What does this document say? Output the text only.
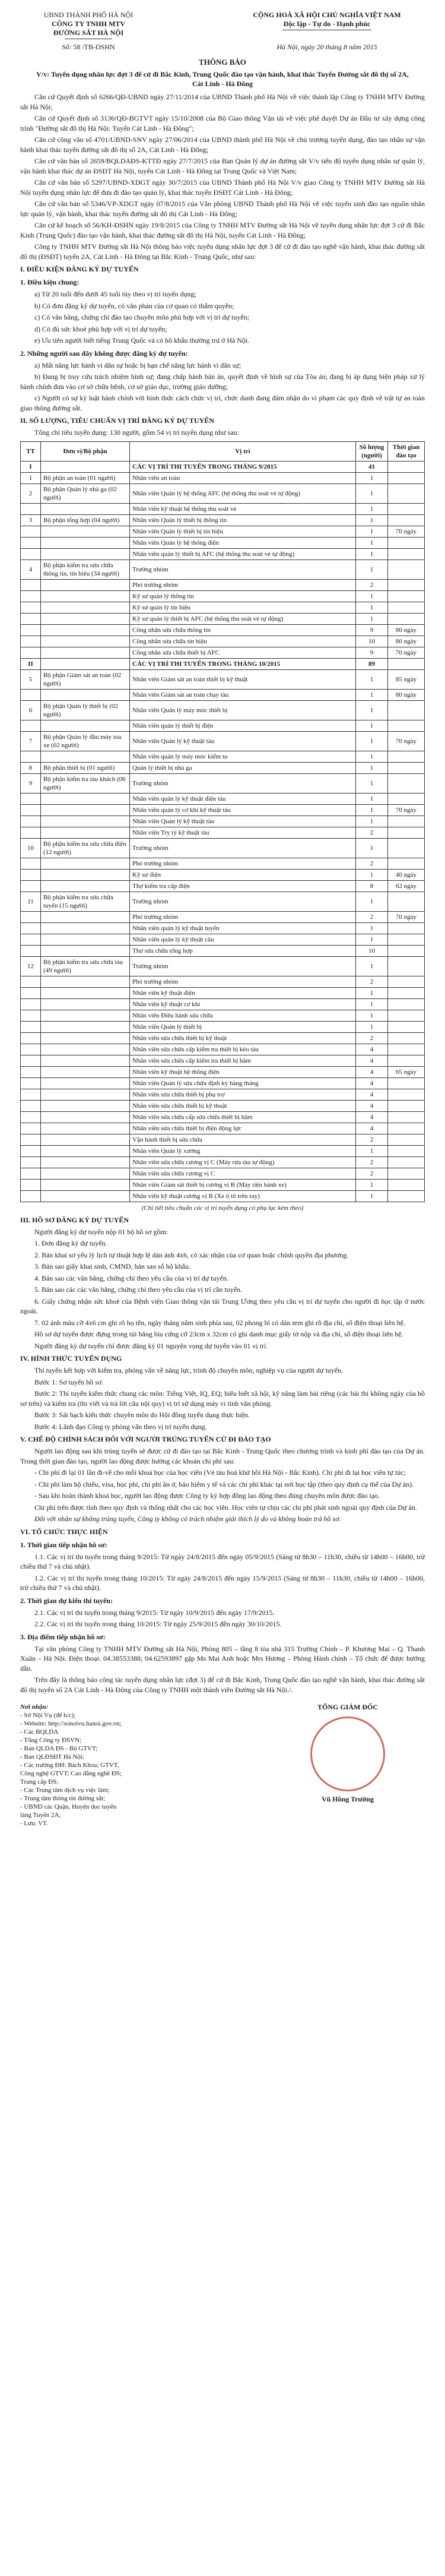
UBND THÀNH PHỐ HÀ NỘI
CÔNG TY TNHH MTV
ĐƯỜNG SẮT HÀ NỘI
CỘNG HOÀ XÃ HỘI CHỦ NGHĨA VIỆT NAM
Độc lập - Tự do - Hạnh phúc
Số: 58 /TB-DSHN	Hà Nội, ngày 20 tháng 8 năm 2015
THÔNG BÁO
V/v: Tuyển dụng nhân lực đợt 3 để cử đi Bắc Kinh, Trung Quốc đào tạo vận hành, khai thác Tuyến Đường sắt đô thị số 2A, Cát Linh - Hà Đông

Căn cứ Quyết định số 6266/QĐ-UBND ngày 27/11/2014 của UBND Thành phố Hà Nội về việc thành lập Công ty TNHH MTV Đường sắt Hà Nội;

Căn cứ Quyết định số 3136/QĐ-BGTVT ngày 15/10/2008 của Bộ Giao thông Vận tải về việc phê duyệt Dự án Đầu tư xây dựng công trình "Đường sắt đô thị Hà Nội: Tuyến Cát Linh - Hà Đông";

Căn cứ công văn số 4701/UBND-SNV ngày 27/06/2014 của UBND thành phố Hà Nội về chủ trương tuyển dụng, đào tạo nhân sự vận hành khai thác tuyến đường sắt đô thị số 2A, Cát Linh - Hà Đông;

Căn cứ văn bản số 2659/BQLDAĐS-KTTĐ ngày 27/7/2015 của Ban Quản lý dự án đường sắt V/v tiến độ tuyển dụng nhân sự quản lý, vận hành khai thác dự án ĐSĐT Hà Nội, tuyến Cát Linh - Hà Đông tại Trung Quốc và Việt Nam;

Căn cứ văn bản số 5297/UBND-XDGT ngày 30/7/2015 của UBND Thành phố Hà Nội V/v giao Công ty TNHH MTV Đường sắt Hà Nội tuyển dụng nhân lực để đưa đi đào tạo quản lý, khai thác tuyến ĐSĐT Cát Linh - Hà Đông;

Căn cứ văn bản số 5346/VP-XDGT ngày 07/8/2015 của Văn phòng UBND Thành phố Hà Nội về việc tuyển sinh đào tạo nguồn nhân lực quản lý, vận hành, khai thác tuyến đường sắt đô thị Cát Linh - Hà Đông;

Căn cứ kế hoạch số 56/KH-ĐSHN ngày 19/8/2015 của Công ty TNHH MTV Đường sắt Hà Nội về tuyển dụng nhân lực đợt 3 cử đi Bắc Kinh (Trung Quốc) đào tạo vận hành, khai thác đường sắt đô thị Hà Nội, tuyến Cát Linh - Hà Đông;

Công ty TNHH MTV Đường sắt Hà Nội thông báo việc tuyển dụng nhân lực đợt 3 để cử đi đào tạo nghề vận hành, khai thác đường sắt đô thị (ĐSĐT) tuyến 2A, Cát Linh - Hà Đông tại Bắc Kinh - Trung Quốc, như sau:

I. ĐIỀU KIỆN ĐĂNG KÝ DỰ TUYỂN
1. Điều kiện chung:

a) Từ 20 tuổi đến dưới 45 tuổi tùy theo vị trí tuyển dụng;

b) Có đơn đăng ký dự tuyển, có văn phản của cơ quan có thẩm quyền;

c) Có văn bằng, chứng chỉ đào tạo chuyên môn phù hợp với vị trí dự tuyển;

d) Có đủ sức khoẻ phù hợp với vị trí dự tuyển;

e) Ưu tiên người biết tiếng Trung Quốc và có hồ khẩu thường trú ở Hà Nội.

2. Những người sau đây không được đăng ký dự tuyển:

a) Mất năng lực hành vi dân sự hoặc bị hạn chế năng lực hành vi dân sự;

b) Đang bị truy cứu trách nhiệm hình sự; đang chấp hành bản án, quyết định về hình sự của Tòa án; đang bị áp dụng biện pháp xử lý hành chính đưa vào cơ sở chữa bệnh, cơ sở giáo dục, trường giáo dưỡng;

c) Người có sự kỷ luật hành chính với hình thức cách chức vị trí, chức danh đang đảm nhận do vi phạm các quy định về trật tự an toàn giao thông đường sắt.

II. SỐ LƯỢNG, TIÊU CHUẨN VỊ TRÍ ĐĂNG KÝ DỰ TUYỂN

Tổng chỉ tiêu tuyển dụng: 130 người, gồm 54 vị trí tuyển dụng như sau:

TT	Đơn vị/Bộ phận	Vị trí	Số lượng (người)	Thời gian đào tạo
I		CÁC VỊ TRÍ THI TUYỂN TRONG THÁNG 9/2015	41	
1	Bộ phận an toàn (01 người)	Nhân viên an toàn	1	
2	Bộ phận Quản lý nhà ga (02 người)	Nhân viên Quản lý hệ thống AFC (hệ thống thu soát vé tự động)	1	
		Nhân viên kỹ thuật hệ thống thu soát vé	1	
3	Bộ phận tổng hợp (04 người)	Nhân viên Quản lý thiết bị thông tin	1	
		Nhân viên Quản lý thiết bị tín hiệu	1	70 ngày
		Nhân viên Quản lý hệ thống điện	1	
		Nhân viên quản lý thiết bị AFC (hệ thống thu soát vé tự động)	1	
4	Bộ phận kiểm tra sửa chữa thông tin, tín hiệu (34 người)	Trưởng nhóm	1	
		Phó trưởng nhóm	2	
		Kỹ sư quản lý thông tin	1	
		Kỹ sư quản lý tín hiệu	1	
		Kỹ sư quản lý thiết bị AFC (hệ thống thu soát vé tự động)	1	
		Công nhân sửa chữa thông tin	9	80 ngày
		Công nhân sửa chữa tín hiệu	10	80 ngày
		Công nhân sửa chữa thiết bị AFC	9	70 ngày
II		CÁC VỊ TRÍ THI TUYỂN TRONG THÁNG 10/2015	89	
5	Bộ phận Giám sát an toàn (02 người)	Nhân viên Giám sát an toàn thiết bị kỹ thuật	1	85 ngày
		Nhân viên Giám sát an toàn chạy tàu	1	80 ngày
6	Bộ phận Quản lý thiết bị (02 người)	Nhân viên Quản lý máy móc thiết bị	1	
		Nhân viên quản lý thiết bị điện	1	
7	Bộ phận Quản lý đầu máy toa xe (02 người)	Nhân viên Quản lý kỹ thuật tàu	1	70 ngày
		Nhân viên quản lý máy móc kiểm tu	1	
8	Bộ phận thiết bị (01 người)	Quản lý thiết bị nhà ga	1	
9	Bộ phận kiểm tra tàu khách (06 người)	Trưởng nhóm	1	
		Nhân viên quản lý kỹ thuật điện tàu	1	
		Nhân viên quản lý cơ khí kỹ thuật tàu	1	70 ngày
		Nhân viên Quản lý kỹ thuật tàu	1	
		Nhân viên Try tý kỹ thuật tàu	2	
10	Bộ phận kiểm tra sửa chữa điện (12 người)	Trưởng nhóm	1	
		Phó trưởng nhóm	2	
		Kỹ sư điện	1	40 ngày
		Thợ kiểm tra cấp điện	8	62 ngày
11	Bộ phận kiểm tra sửa chữa tuyến (15 người)	Trưởng nhóm	1	
		Phó trưởng nhóm	2	70 ngày
		Nhân viên quản lý kỹ thuật tuyến	1	
		Nhân viên quản lý kỹ thuật cầu	1	
		Thợ sửa chữa tổng hợp	10	
12	Bộ phận kiểm tra sửa chữa tàu (49 người)	Trưởng nhóm	1	
		Phó trưởng nhóm	2	
		Nhân viên kỹ thuật điện	1	
		Nhân viên kỹ thuật cơ khí	1	
		Nhân viên Điều hành sửa chữa	1	
		Nhân viên Quản lý thiết bị	1	
		Nhân viên sửa chữa thiết bị kỹ thuật	2	
		Nhân viên sửa chữa cấp kiểm tra thiết bị kéo tàu	4	
		Nhân viên sửa chữa cấp kiểm tra thiết bị hãm	4	
		Nhân viên kỹ thuật hệ thống điện	4	65 ngày
		Nhân viên Quản lý sửa chữa định kỳ hàng tháng	4	
		Nhân viên sửa chữa thiết bị phụ trợ	4	
		Nhân viên sửa chữa thiết bị kỹ thuật	4	
		Nhân viên sửa chữa cấp sửa chữa thiết bị hãm	4	
		Nhân viên sửa chữa thiết bị điện động lực	4	
		Vận hành thiết bị sửa chữa	2	
		Nhân viên Quản lý xưởng	1	
		Nhân viên sửa chữa cương vị C (Máy rửa tàu tự động)	2	
		Nhân viên sửa chữa cương vị C	2	
		Nhân viên Giám sát thiết bị cương vị B (Máy tiện bánh xe)	1	
		Nhân viên kỹ thuật cương vị B (Xe ô tô trên ray)	1	
(Chi tiết tiêu chuẩn các vị trí tuyển dụng có phụ lục kèm theo)
III. HỒ SƠ ĐĂNG KÝ DỰ TUYỂN

Người đăng ký dự tuyển nộp 01 bộ hồ sơ gồm:

1. Đơn đăng ký dự tuyển.

2. Bản khai sơ yếu lý lịch tự thuật hợp lệ dán ảnh 4x6, có xác nhận của cơ quan hoặc chính quyền địa phương.

3. Bản sao giấy khai sinh, CMND, bản sao sổ hộ khẩu.

4. Bản sao các văn bằng, chứng chỉ theo yêu cầu của vị trí dự tuyển.

5. Bản sao các các văn bằng, chứng chỉ theo yêu cầu của vị trí cần tuyển.

6. Giấy chứng nhận sức khoẻ của Bệnh viện Giao thông vận tải Trung Ương theo yêu cầu vị trí dự tuyển cho người đi học tập ở nước ngoài.

7. 02 ảnh màu cỡ 4x6 cm ghi rõ họ tên, ngày tháng năm sinh phía sau, 02 phong bì có dán tem ghi rõ địa chỉ, số điện thoại liên hệ.

Hồ sơ dự tuyển được đựng trong túi bằng bìa cứng cỡ 23cm x 32cm có ghi danh mục giấy tờ nộp và địa chỉ, số điện thoại liên hệ.

Người đăng ký dự tuyển chỉ được đăng ký 01 nguyện vọng dự tuyển vào 01 vị trí.

IV. HÌNH THỨC TUYỂN DỤNG

Thí tuyển kết hợp với kiểm tra, phỏng vấn về năng lực, trình độ chuyên môn, nghiệp vụ của người dự tuyển.

Bước 1: Sơ tuyển hồ sơ.

Bước 2: Thí tuyển kiểm thức chung các môn: Tiếng Việt, IQ, EQ; hiểu biết xã hội, kỹ năng làm bài riêng (các bài thi không ngày của hồ sơ trên) và kiểm tra (thi viết và trả lời câu nội quy) vị trí sử dụng máy vi tính văn phòng.

Bước 3: Sát hạch kiến thức chuyên môn do Hội đồng tuyển dụng thực hiện.

Bước 4: Lãnh đạo Công ty phỏng vấn theo vị trí tuyển dụng.

V. CHẾ ĐỘ CHÍNH SÁCH ĐỐI VỚI NGƯỜI TRÚNG TUYỂN CỬ ĐI ĐÀO TẠO

Người lao động sau khi trúng tuyển sẽ được cử đi đào tạo tại Bắc Kinh - Trung Quốc theo chương trình và kinh phí đào tạo của Dự án. Trong thời gian đào tạo, người lao động được hưởng các khoản chi phí sau:

- Chi phí đi lại 01 lần đi-về cho mỗi khoá học của học viên (Vé tàu hoả khứ hồi Hà Nội - Bắc Kinh). Chi phí đi lại học viên tự túc;

- Chi phí làm hộ chiếu, visa, học phí, chi phí ăn ở, bảo hiểm y tế và các chi phí khác tại nơi học tập (theo quy định cụ thể của Dự án).

- Sau khi hoàn thành khoá học, người lao động được Công ty ký hợp đồng lao động theo đúng chuyên môn được đào tạo.

Chi phí trên được tính theo quy định và thống nhất cho các học viên. Học viên tự chịu các chi phí phát sinh ngoài quy định của Dự án.

Đối với nhân sự không trúng tuyển, Công ty không có trách nhiệm giải thích lý do và không hoàn trả hồ sơ.

VI. TỔ CHỨC THỰC HIỆN
1. Thời gian tiếp nhận hồ sơ:

1.1. Các vị trí thi tuyển trong tháng 9/2015: Từ ngày 24/8/2015 đến ngày 05/9/2015 (Sáng từ 8h30 – 11h30, chiều từ 14h00 – 16h00, trừ chiều thứ 7 và chủ nhật).

1.2. Các vị trí thi tuyển trong tháng 10/2015: Từ ngày 24/8/2015 đến ngày 15/9/2015 (Sáng từ 8h30 – 11h30, chiều từ 14h00 – 16h00, trừ chiều thứ 7 và chủ nhật).

2. Thời gian dự kiến thi tuyển:

2.1. Các vị trí thi tuyển trong tháng 9/2015: Từ ngày 10/9/2015 đến ngày 17/9/2015.

2.2. Các vị trí thi tuyển trong tháng 10/2015: Từ ngày 25/9/2015 đến ngày 30/10/2015.

3. Địa điểm tiếp nhận hồ sơ:

Tại văn phòng Công ty TNHH MTV Đường sắt Hà Nội, Phòng 805 – tầng 8 tòa nhà 315 Trường Chinh – P. Khương Mai – Q. Thanh Xuân – Hà Nội. Điện thoại: 04.38553388; 04.62593897 gặp Ms Mai Anh hoặc Mrs Hương – Phòng Hành chính – Tổ chức để được hướng dẫn.

Trên đây là thông báo công tác tuyển dụng nhân lực (đợt 3) để cử đi Bắc Kinh, Trung Quốc đào tạo nghề vận hành, khai thác đường sắt đô thị tuyến số 2A Cát Linh - Hà Đông của Công ty TNHH một thành viên Đường sắt Hà Nội./.

Nơi nhận:
- Sở Nội Vụ (để b/c);
- Website: http://sonoivu.hanoi.gov.vn;
- Các BQLDA
- Tổng Công ty ĐSVN;
- Ban QLDA ĐS - Bộ GTVT;
- Ban QLĐSĐT Hà Nội;
- Các trường ĐH: Bách Khoa; GTVT,
Công nghệ GTVT; Cao đẳng nghề ĐS;
Trung cấp ĐS;
- Các Trung tâm dịch vụ việc làm;
- Trung tâm thông tin đường sắt;
- UBND các Quận, Huyện dọc tuyến
làng Tuyến 2A;
- Lưu: VT.
TỔNG GIÁM ĐỐC
Vũ Hồng Trường
